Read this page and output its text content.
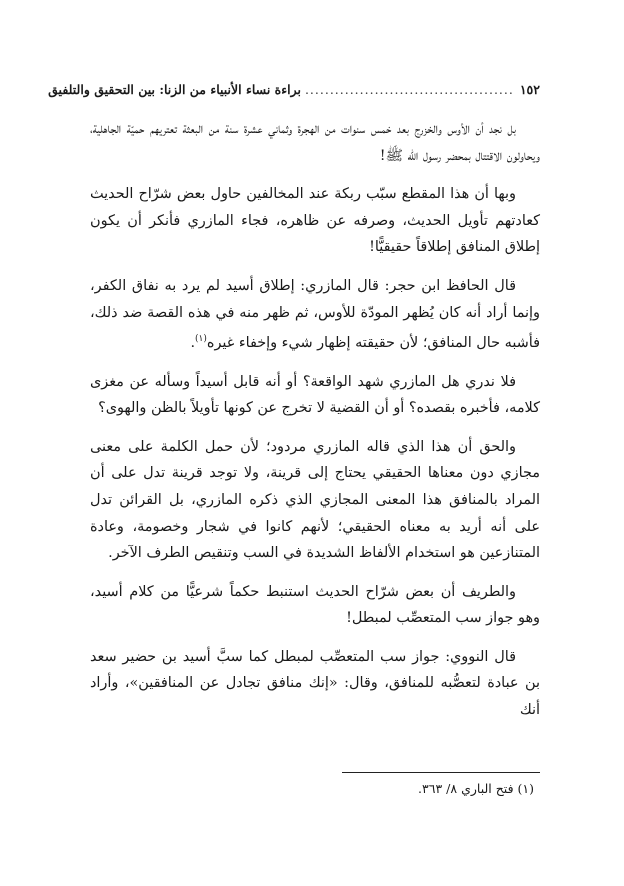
١٥٢
..........................................
براءة نساء الأنبياء من الزنا: بين التحقيق والتلفيق

بل نجد أن الأوس والخزرج بعد خمس سنوات من الهجرة وثماني عشرة سنة من البعثة تعتريهم حميّة الجاهلية، ويحاولون الاقتتال بمحضر رسول الله ﷺ!

وبها أن هذا المقطع سبّب ربكة عند المخالفين حاول بعض شرّاح الحديث كعادتهم تأويل الحديث، وصرفه عن ظاهره، فجاء المازري فأنكر أن يكون إطلاق المنافق إطلاقاً حقيقيًّا!

قال الحافظ ابن حجر: قال المازري: إطلاق أسيد لم يرد به نفاق الكفر، وإنما أراد أنه كان يُظهر المودّة للأوس، ثم ظهر منه في هذه القصة ضد ذلك، فأشبه حال المنافق؛ لأن حقيقته إظهار شيء وإخفاء غيره$^{(١)}$.

فلا ندري هل المازري شهد الواقعة؟ أو أنه قابل أسيداً وسأله عن مغزى كلامه، فأخبره بقصده؟ أو أن القضية لا تخرج عن كونها تأويلاً بالظن والهوى؟

والحق أن هذا الذي قاله المازري مردود؛ لأن حمل الكلمة على معنى مجازي دون معناها الحقيقي يحتاج إلى قرينة، ولا توجد قرينة تدل على أن المراد بالمنافق هذا المعنى المجازي الذي ذكره المازري، بل القرائن تدل على أنه أريد به معناه الحقيقي؛ لأنهم كانوا في شجار وخصومة، وعادة المتنازعين هو استخدام الألفاظ الشديدة في السب وتنقيص الطرف الآخر.

والطريف أن بعض شرّاح الحديث استنبط حكماً شرعيًّا من كلام أسيد، وهو جواز سب المتعصِّب لمبطل!

قال النووي: جواز سب المتعصِّب لمبطل كما سبَّ أسيد بن حضير سعد بن عبادة لتعصُّبه للمنافق، وقال: «إنك منافق تجادل عن المنافقين»، وأراد أنك

(١) فتح الباري ٨/ ٣٦٣.
